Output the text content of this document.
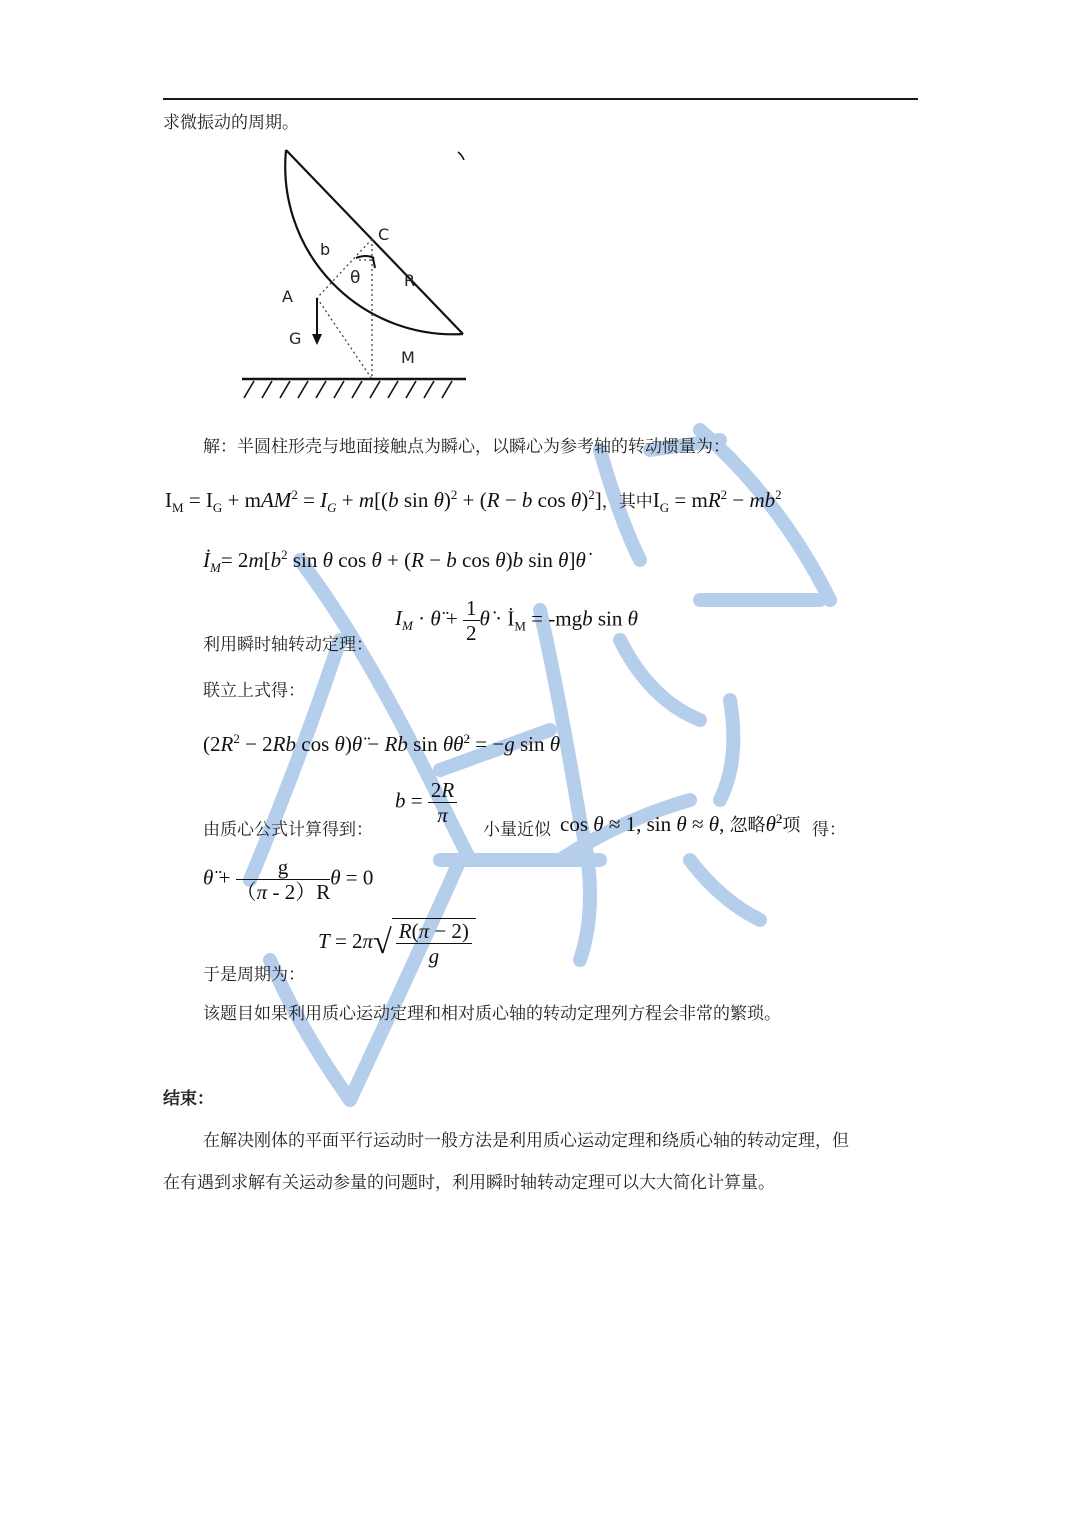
求微振动的周期。
C
b
θ	R
A
G
M
解：半圆柱形壳与地面接触点为瞬心，以瞬心为参考轴的转动惯量为：
$I_M = I_G + mAM^2 = I_G + m[(b$ sin θ)$^2$ + (R − b cos θ)$^2$]，其中$I_G = mR^2 - mb^2$
$İ_M= 2m[b^2$ sin θ cos θ + (R − b cos θ)b sin θ]θ̇
利用瞬时轴转动定理：
$I_M$ · θ̈ + $\frac{1}{2}$ θ̇ · $İ_M = -mgb$ sin θ
联立上式得：
($2R^2 - 2Rb$ cos θ)θ̈ − Rb sin θθ̇$^2$ = −g sin θ
由质心公式计算得到：
$b = \frac{2R}{\pi}$
小量近似 cos θ ≈ 1, sin θ ≈ θ, 忽略θ̇$^2$项 得：
θ̈ + $\frac{g}{(\pi - 2)R}$ θ = 0
于是周期为：
$T = 2\pi√ \frac{R(\pi - 2)}{g}$
该题目如果利用质心运动定理和相对质心轴的转动定理列方程会非常的繁琐。
结束：
在解决刚体的平面平行运动时一般方法是利用质心运动定理和绕质心轴的转动定理，但
在有遇到求解有关运动参量的问题时，利用瞬时轴转动定理可以大大简化计算量。
